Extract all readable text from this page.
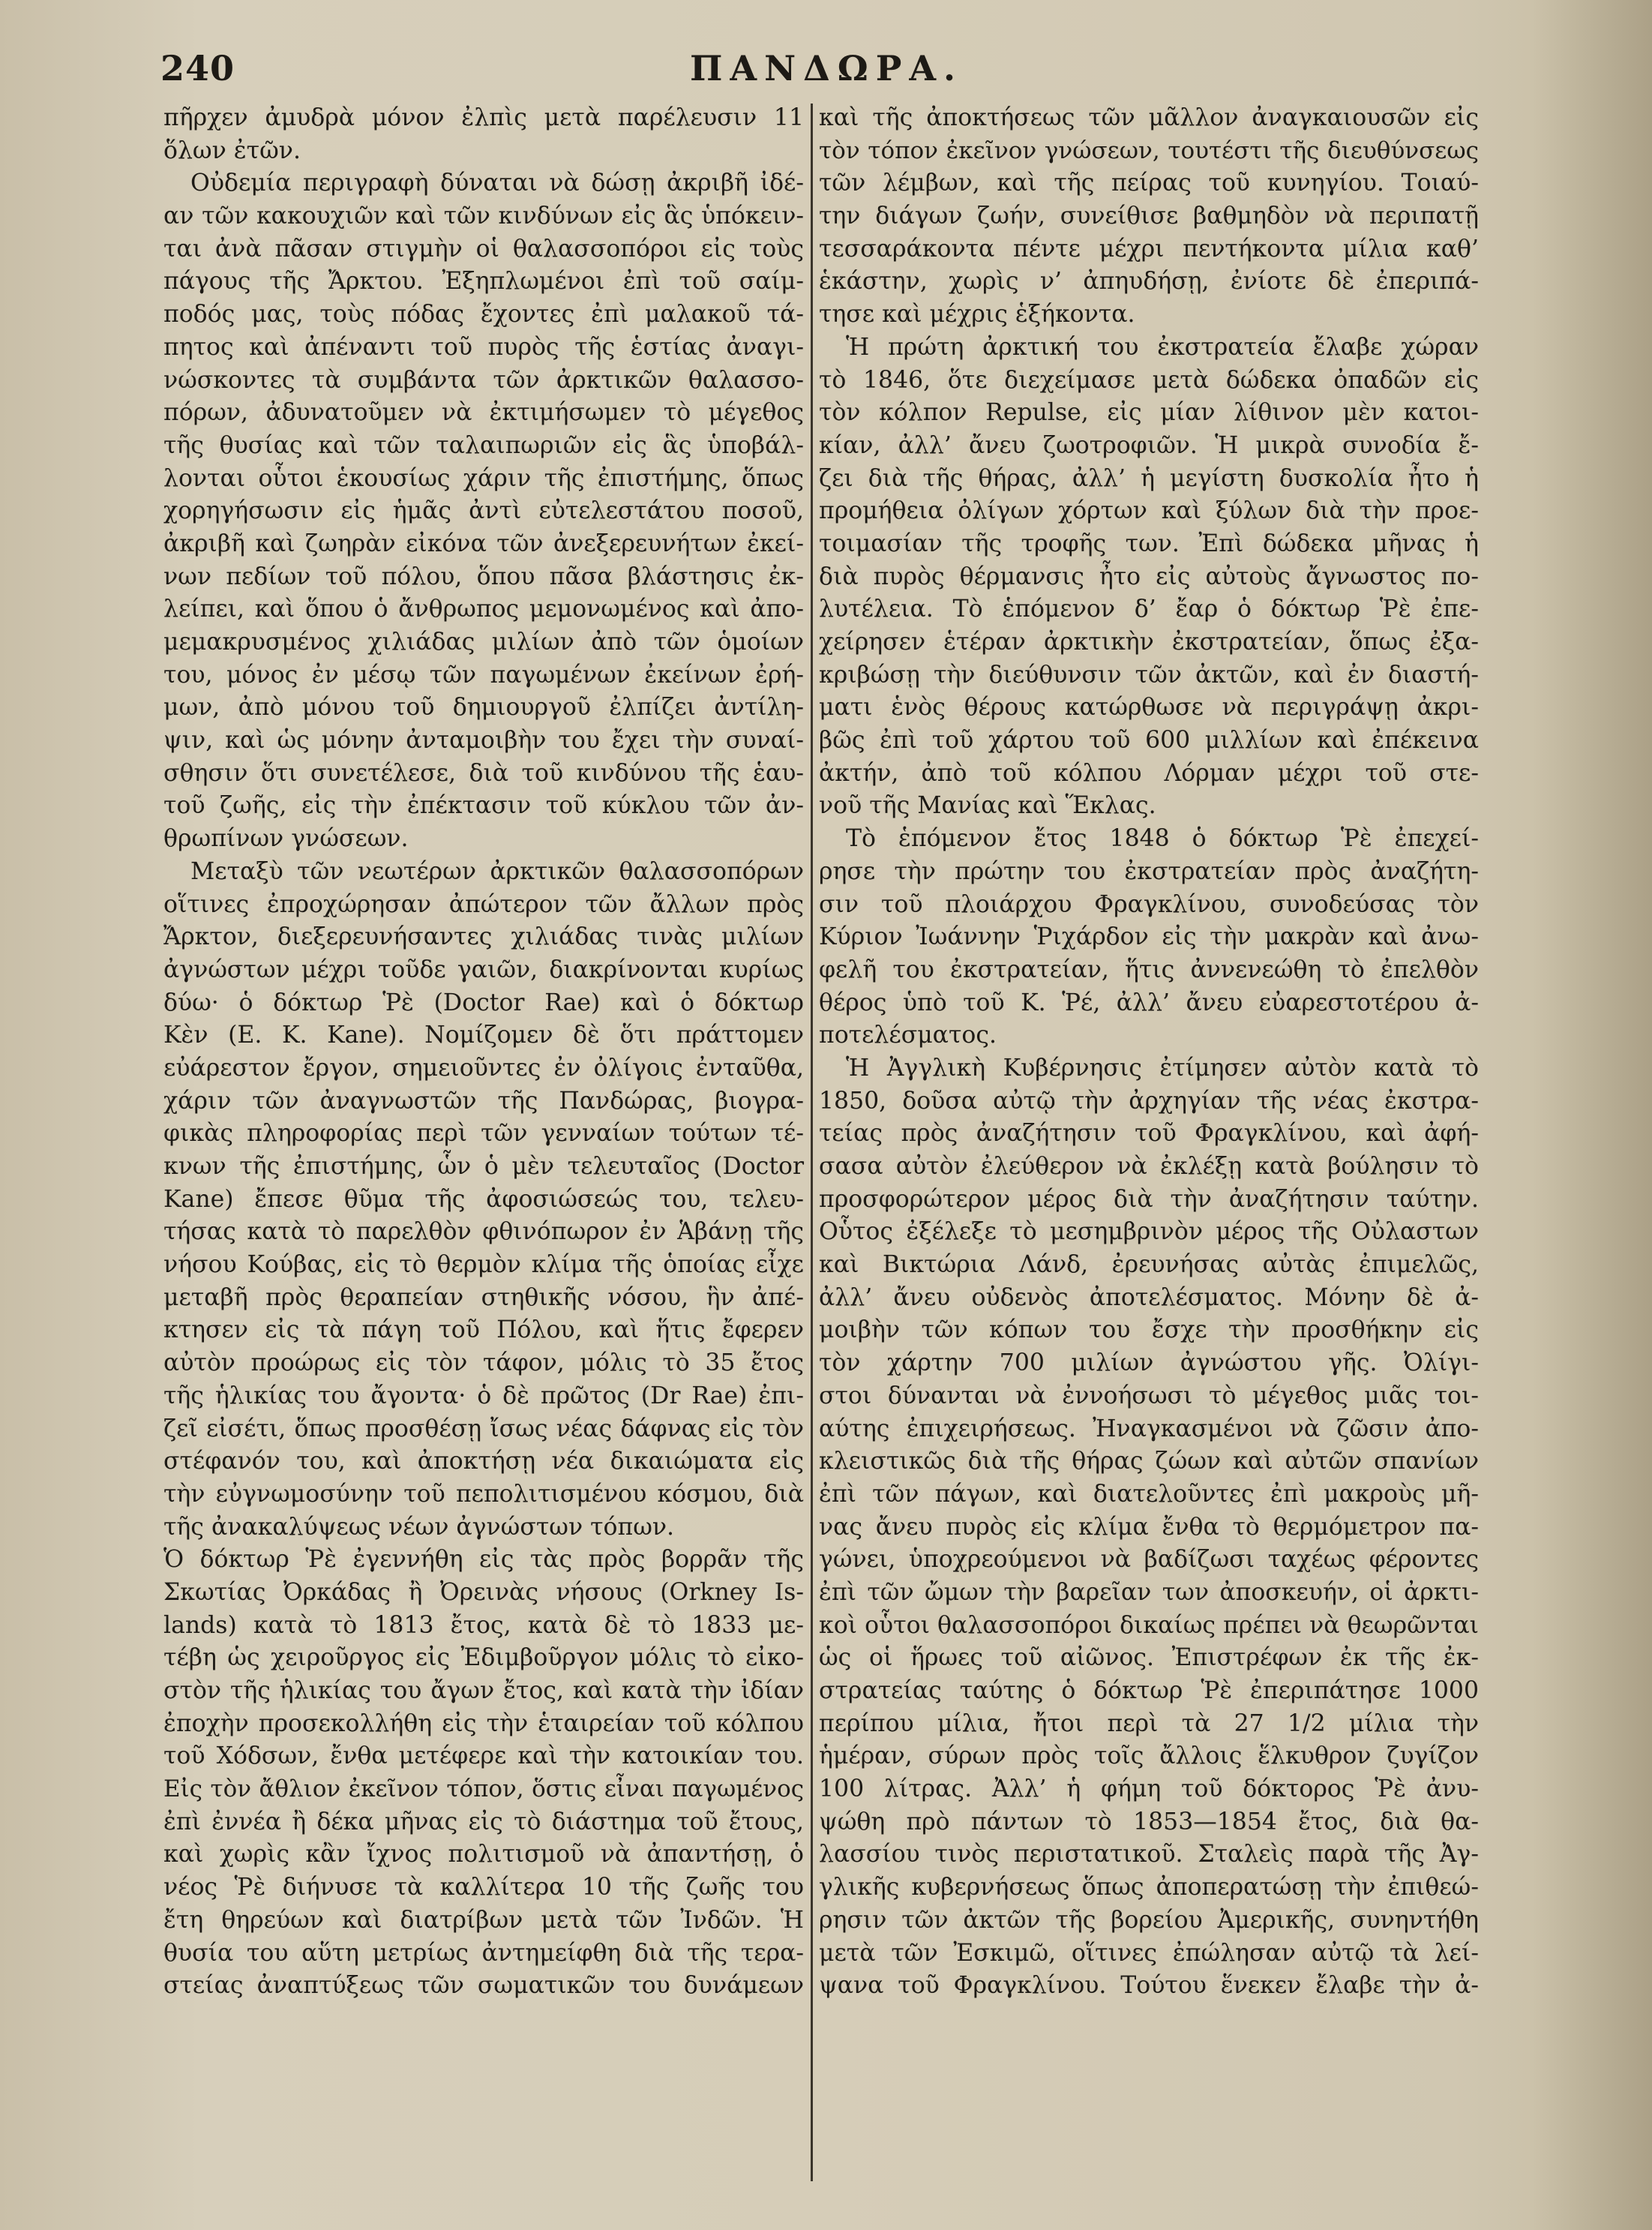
240	ΠΑΝΔΩΡΑ.
πῆρχεν ἀμυδρὰ μόνον ἐλπὶς μετὰ παρέλευσιν 11
ὅλων ἐτῶν.
Οὐδεμία περιγραφὴ δύναται νὰ δώσῃ ἀκριβῆ ἰδέ-
αν τῶν κακουχιῶν καὶ τῶν κινδύνων εἰς ἃς ὑπόκειν-
ται ἀνὰ πᾶσαν στιγμὴν οἱ θαλασσοπόροι εἰς τοὺς
πάγους τῆς Ἄρκτου. Ἐξηπλωμένοι ἐπὶ τοῦ σαίμ-
ποδός μας, τοὺς πόδας ἔχοντες ἐπὶ μαλακοῦ τά-
πητος καὶ ἀπέναντι τοῦ πυρὸς τῆς ἑστίας ἀναγι-
νώσκοντες τὰ συμβάντα τῶν ἀρκτικῶν θαλασσο-
πόρων, ἀδυνατοῦμεν νὰ ἐκτιμήσωμεν τὸ μέγεθος
τῆς θυσίας καὶ τῶν ταλαιπωριῶν εἰς ἃς ὑποβάλ-
λονται οὗτοι ἑκουσίως χάριν τῆς ἐπιστήμης, ὅπως
χορηγήσωσιν εἰς ἡμᾶς ἀντὶ εὐτελεστάτου ποσοῦ,
ἀκριβῆ καὶ ζωηρὰν εἰκόνα τῶν ἀνεξερευνήτων ἐκεί-
νων πεδίων τοῦ πόλου, ὅπου πᾶσα βλάστησις ἐκ-
λείπει, καὶ ὅπου ὁ ἄνθρωπος μεμονωμένος καὶ ἀπο-
μεμακρυσμένος χιλιάδας μιλίων ἀπὸ τῶν ὁμοίων
του, μόνος ἐν μέσῳ τῶν παγωμένων ἐκείνων ἐρή-
μων, ἀπὸ μόνου τοῦ δημιουργοῦ ἐλπίζει ἀντίλη-
ψιν, καὶ ὡς μόνην ἀνταμοιβὴν του ἔχει τὴν συναί-
σθησιν ὅτι συνετέλεσε, διὰ τοῦ κινδύνου τῆς ἑαυ-
τοῦ ζωῆς, εἰς τὴν ἐπέκτασιν τοῦ κύκλου τῶν ἀν-
θρωπίνων γνώσεων.
Μεταξὺ τῶν νεωτέρων ἀρκτικῶν θαλασσοπόρων
οἵτινες ἐπροχώρησαν ἀπώτερον τῶν ἄλλων πρὸς
Ἄρκτον, διεξερευνήσαντες χιλιάδας τινὰς μιλίων
ἀγνώστων μέχρι τοῦδε γαιῶν, διακρίνονται κυρίως
δύω· ὁ δόκτωρ Ῥὲ (Doctor Rae) καὶ ὁ δόκτωρ
Κὲν (E. K. Kane). Νομίζομεν δὲ ὅτι πράττομεν
εὐάρεστον ἔργον, σημειοῦντες ἐν ὀλίγοις ἐνταῦθα,
χάριν τῶν ἀναγνωστῶν τῆς Πανδώρας, βιογρα-
φικὰς πληροφορίας περὶ τῶν γενναίων τούτων τέ-
κνων τῆς ἐπιστήμης, ὧν ὁ μὲν τελευταῖος (Doctor
Kane) ἔπεσε θῦμα τῆς ἀφοσιώσεώς του, τελευ-
τήσας κατὰ τὸ παρελθὸν φθινόπωρον ἐν Ἁβάνῃ τῆς
νήσου Κούβας, εἰς τὸ θερμὸν κλίμα τῆς ὁποίας εἶχε
μεταβῆ πρὸς θεραπείαν στηθικῆς νόσου, ἣν ἀπέ-
κτησεν εἰς τὰ πάγη τοῦ Πόλου, καὶ ἥτις ἔφερεν
αὐτὸν προώρως εἰς τὸν τάφον, μόλις τὸ 35 ἔτος
τῆς ἡλικίας του ἄγοντα· ὁ δὲ πρῶτος (Dr Rae) ἐπι-
ζεῖ εἰσέτι, ὅπως προσθέσῃ ἴσως νέας δάφνας εἰς τὸν
στέφανόν του, καὶ ἀποκτήσῃ νέα δικαιώματα εἰς
τὴν εὐγνωμοσύνην τοῦ πεπολιτισμένου κόσμου, διὰ
τῆς ἀνακαλύψεως νέων ἀγνώστων τόπων.
Ὁ δόκτωρ Ῥὲ ἐγεννήθη εἰς τὰς πρὸς βορρᾶν τῆς
Σκωτίας Ὀρκάδας ἢ Ὀρεινὰς νήσους (Orkney Is-
lands) κατὰ τὸ 1813 ἔτος, κατὰ δὲ τὸ 1833 με-
τέβη ὡς χειροῦργος εἰς Ἐδιμβοῦργον μόλις τὸ εἰκο-
στὸν τῆς ἡλικίας του ἄγων ἔτος, καὶ κατὰ τὴν ἰδίαν
ἐποχὴν προσεκολλήθη εἰς τὴν ἑταιρείαν τοῦ κόλπου
τοῦ Χόδσων, ἔνθα μετέφερε καὶ τὴν κατοικίαν του.
Εἰς τὸν ἄθλιον ἐκεῖνον τόπον, ὅστις εἶναι παγωμένος
ἐπὶ ἐννέα ἢ δέκα μῆνας εἰς τὸ διάστημα τοῦ ἔτους,
καὶ χωρὶς κἂν ἴχνος πολιτισμοῦ νὰ ἀπαντήσῃ, ὁ
νέος Ῥὲ διήνυσε τὰ καλλίτερα 10 τῆς ζωῆς του
ἔτη θηρεύων καὶ διατρίβων μετὰ τῶν Ἰνδῶν. Ἡ
θυσία του αὕτη μετρίως ἀντημείφθη διὰ τῆς τερα-
στείας ἀναπτύξεως τῶν σωματικῶν του δυνάμεων
καὶ τῆς ἀποκτήσεως τῶν μᾶλλον ἀναγκαιουσῶν εἰς
τὸν τόπον ἐκεῖνον γνώσεων, τουτέστι τῆς διευθύνσεως
τῶν λέμβων, καὶ τῆς πείρας τοῦ κυνηγίου. Τοιαύ-
την διάγων ζωήν, συνείθισε βαθμηδὸν νὰ περιπατῇ
τεσσαράκοντα πέντε μέχρι πεντήκοντα μίλια καθ’
ἑκάστην, χωρὶς ν’ ἀπηυδήσῃ, ἐνίοτε δὲ ἐπεριπά-
τησε καὶ μέχρις ἑξήκοντα.
Ἡ πρώτη ἀρκτική του ἐκστρατεία ἔλαβε χώραν
τὸ 1846, ὅτε διεχείμασε μετὰ δώδεκα ὀπαδῶν εἰς
τὸν κόλπον Repulse, εἰς μίαν λίθινον μὲν κατοι-
κίαν, ἀλλ’ ἄνευ ζωοτροφιῶν. Ἡ μικρὰ συνοδία ἔ-
ζει διὰ τῆς θήρας, ἀλλ’ ἡ μεγίστη δυσκολία ἦτο ἡ
προμήθεια ὀλίγων χόρτων καὶ ξύλων διὰ τὴν προε-
τοιμασίαν τῆς τροφῆς των. Ἐπὶ δώδεκα μῆνας ἡ
διὰ πυρὸς θέρμανσις ἦτο εἰς αὐτοὺς ἄγνωστος πο-
λυτέλεια. Τὸ ἑπόμενον δ’ ἔαρ ὁ δόκτωρ Ῥὲ ἐπε-
χείρησεν ἑτέραν ἀρκτικὴν ἐκστρατείαν, ὅπως ἐξα-
κριβώσῃ τὴν διεύθυνσιν τῶν ἀκτῶν, καὶ ἐν διαστή-
ματι ἑνὸς θέρους κατώρθωσε νὰ περιγράψῃ ἀκρι-
βῶς ἐπὶ τοῦ χάρτου τοῦ 600 μιλλίων καὶ ἐπέκεινα
ἀκτήν, ἀπὸ τοῦ κόλπου Λόρμαν μέχρι τοῦ στε-
νοῦ τῆς Μανίας καὶ Ἕκλας.
Τὸ ἑπόμενον ἔτος 1848 ὁ δόκτωρ Ῥὲ ἐπεχεί-
ρησε τὴν πρώτην του ἐκστρατείαν πρὸς ἀναζήτη-
σιν τοῦ πλοιάρχου Φραγκλίνου, συνοδεύσας τὸν
Κύριον Ἰωάννην Ῥιχάρδον εἰς τὴν μακρὰν καὶ ἀνω-
φελῆ του ἐκστρατείαν, ἥτις ἀννενεώθη τὸ ἐπελθὸν
θέρος ὑπὸ τοῦ Κ. Ῥέ, ἀλλ’ ἄνευ εὐαρεστοτέρου ἀ-
ποτελέσματος.
Ἡ Ἀγγλικὴ Κυβέρνησις ἐτίμησεν αὐτὸν κατὰ τὸ
1850, δοῦσα αὐτῷ τὴν ἀρχηγίαν τῆς νέας ἐκστρα-
τείας πρὸς ἀναζήτησιν τοῦ Φραγκλίνου, καὶ ἀφή-
σασα αὐτὸν ἐλεύθερον νὰ ἐκλέξῃ κατὰ βούλησιν τὸ
προσφορώτερον μέρος διὰ τὴν ἀναζήτησιν ταύτην.
Οὗτος ἐξέλεξε τὸ μεσημβρινὸν μέρος τῆς Οὐλαστων
καὶ Βικτώρια Λάνδ, ἐρευνήσας αὐτὰς ἐπιμελῶς,
ἀλλ’ ἄνευ οὐδενὸς ἀποτελέσματος. Μόνην δὲ ἀ-
μοιβὴν τῶν κόπων του ἔσχε τὴν προσθήκην εἰς
τὸν χάρτην 700 μιλίων ἀγνώστου γῆς. Ὀλίγι-
στοι δύνανται νὰ ἐννοήσωσι τὸ μέγεθος μιᾶς τοι-
αύτης ἐπιχειρήσεως. Ἠναγκασμένοι νὰ ζῶσιν ἀπο-
κλειστικῶς διὰ τῆς θήρας ζώων καὶ αὐτῶν σπανίων
ἐπὶ τῶν πάγων, καὶ διατελοῦντες ἐπὶ μακροὺς μῆ-
νας ἄνευ πυρὸς εἰς κλίμα ἔνθα τὸ θερμόμετρον πα-
γώνει, ὑποχρεούμενοι νὰ βαδίζωσι ταχέως φέροντες
ἐπὶ τῶν ὤμων τὴν βαρεῖαν των ἀποσκευήν, οἱ ἀρκτι-
κοὶ οὗτοι θαλασσοπόροι δικαίως πρέπει νὰ θεωρῶνται
ὡς οἱ ἥρωες τοῦ αἰῶνος. Ἐπιστρέφων ἐκ τῆς ἐκ-
στρατείας ταύτης ὁ δόκτωρ Ῥὲ ἐπεριπάτησε 1000
περίπου μίλια, ἤτοι περὶ τὰ 27 1/2 μίλια τὴν
ἡμέραν, σύρων πρὸς τοῖς ἄλλοις ἕλκυθρον ζυγίζον
100 λίτρας. Ἀλλ’ ἡ φήμη τοῦ δόκτορος Ῥὲ ἀνυ-
ψώθη πρὸ πάντων τὸ 1853—1854 ἔτος, διὰ θα-
λασσίου τινὸς περιστατικοῦ. Σταλεὶς παρὰ τῆς Ἀγ-
γλικῆς κυβερνήσεως ὅπως ἀποπερατώσῃ τὴν ἐπιθεώ-
ρησιν τῶν ἀκτῶν τῆς βορείου Ἀμερικῆς, συνηντήθη
μετὰ τῶν Ἐσκιμῶ, οἵτινες ἐπώλησαν αὐτῷ τὰ λεί-
ψανα τοῦ Φραγκλίνου. Τούτου ἕνεκεν ἔλαβε τὴν ἀ-
